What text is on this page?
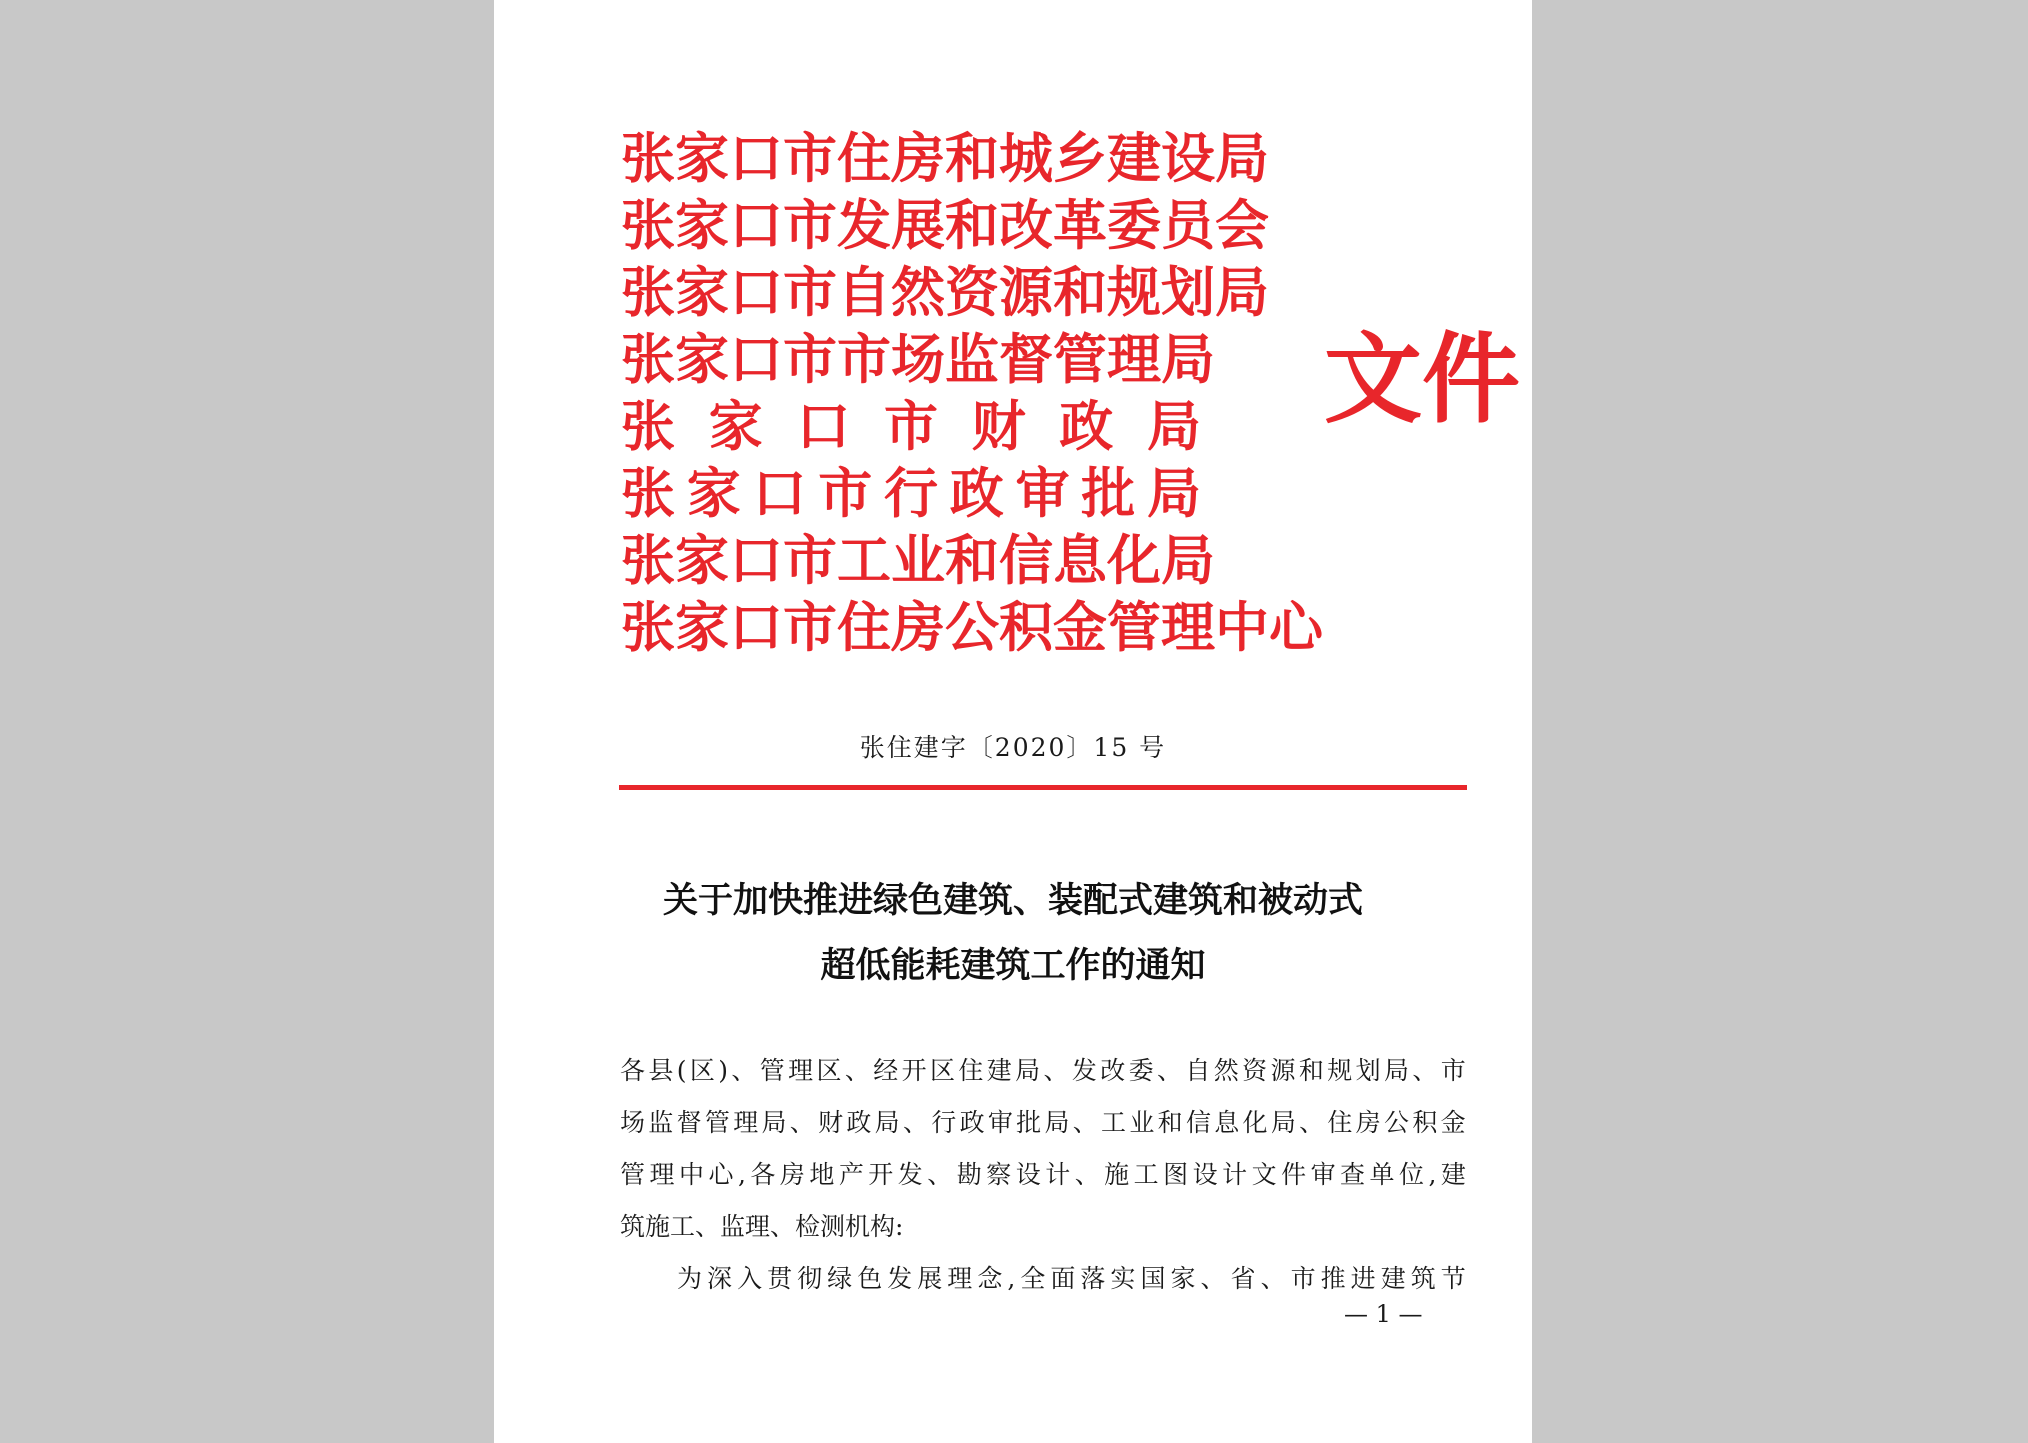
张 家 口 市 住 房 和 城 乡 建 设 局
张 家 口 市 发 展 和 改 革 委 员 会
张 家 口 市 自 然 资 源 和 规 划 局
张 家 口 市 市 场 监 督 管 理 局
张 家 口 市 财 政 局
张 家 口 市 行 政 审 批 局
张 家 口 市 工 业 和 信 息 化 局
张 家 口 市 住 房 公 积 金 管 理 中 心
文件
张住建字〔2020〕15 号
关于加快推进绿色建筑、装配式建筑和被动式
超低能耗建筑工作的通知
各 县 ( 区 ) 、 管 理 区 、 经 开 区 住 建 局 、 发 改 委 、 自 然 资 源 和 规 划 局 、 市
场 监 督 管 理 局 、 财 政 局 、 行 政 审 批 局 、 工 业 和 信 息 化 局 、 住 房 公 积 金
管 理 中 心 , 各 房 地 产 开 发 、 勘 察 设 计 、 施 工 图 设 计 文 件 审 查 单 位 , 建
筑施工、监理、检测机构:
为 深 入 贯 彻 绿 色 发 展 理 念 , 全 面 落 实 国 家 、 省 、 市 推 进 建 筑 节
— 1 —
